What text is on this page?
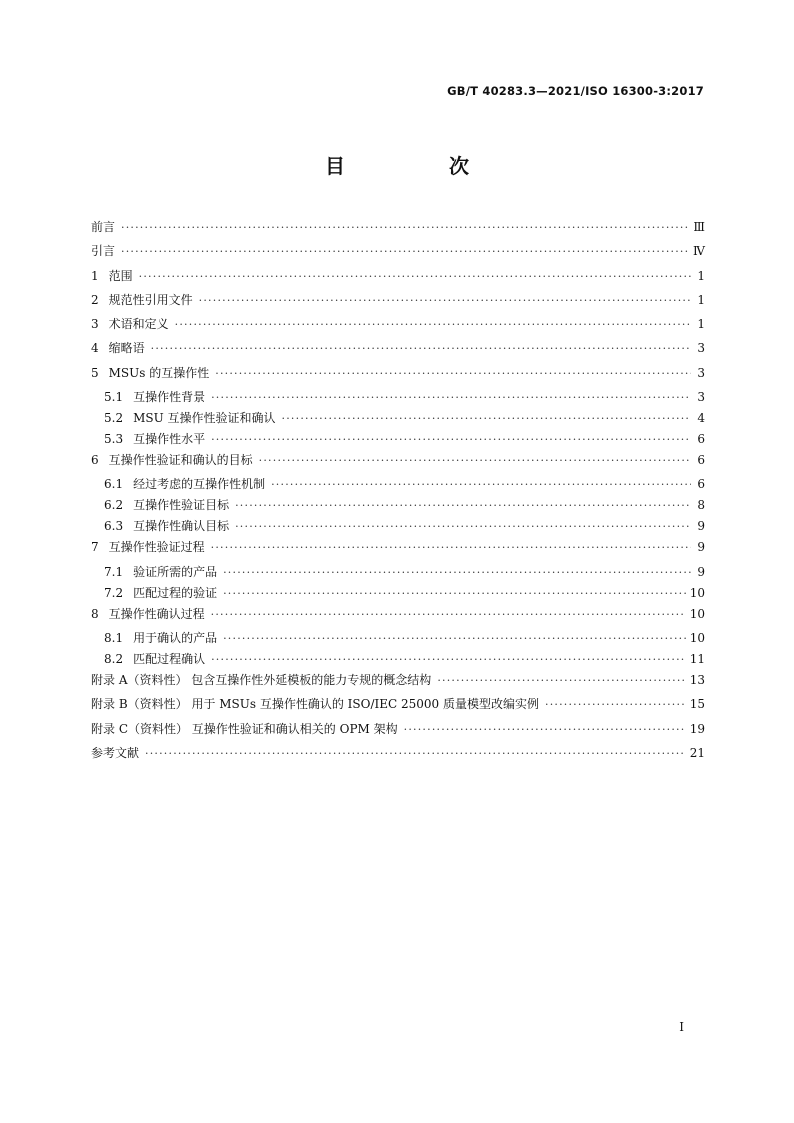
GB/T 40283.3—2021/ISO 16300-3:2017
目　次
前言 ·····	Ⅲ
引言 ·····	Ⅳ
1 范围 ·····	1
2 规范性引用文件 ·····	1
3 术语和定义 ·····	1
4 缩略语 ·····	3
5 MSUs 的互操作性 ·····	3
5.1 互操作性背景 ·····	3
5.2 MSU 互操作性验证和确认 ·····	4
5.3 互操作性水平 ·····	6
6 互操作性验证和确认的目标 ·····	6
6.1 经过考虑的互操作性机制 ·····	6
6.2 互操作性验证目标 ·····	8
6.3 互操作性确认目标 ·····	9
7 互操作性验证过程 ·····	9
7.1 验证所需的产品 ·····	9
7.2 匹配过程的验证 ·····	10
8 互操作性确认过程 ·····	10
8.1 用于确认的产品 ·····	10
8.2 匹配过程确认 ·····	11
附录 A（资料性） 包含互操作性外延模板的能力专规的概念结构 ·····	13
附录 B（资料性） 用于 MSUs 互操作性确认的 ISO/IEC 25000 质量模型改编实例 ·····	15
附录 C（资料性） 互操作性验证和确认相关的 OPM 架构 ·····	19
参考文献 ·····	21
Ⅰ
